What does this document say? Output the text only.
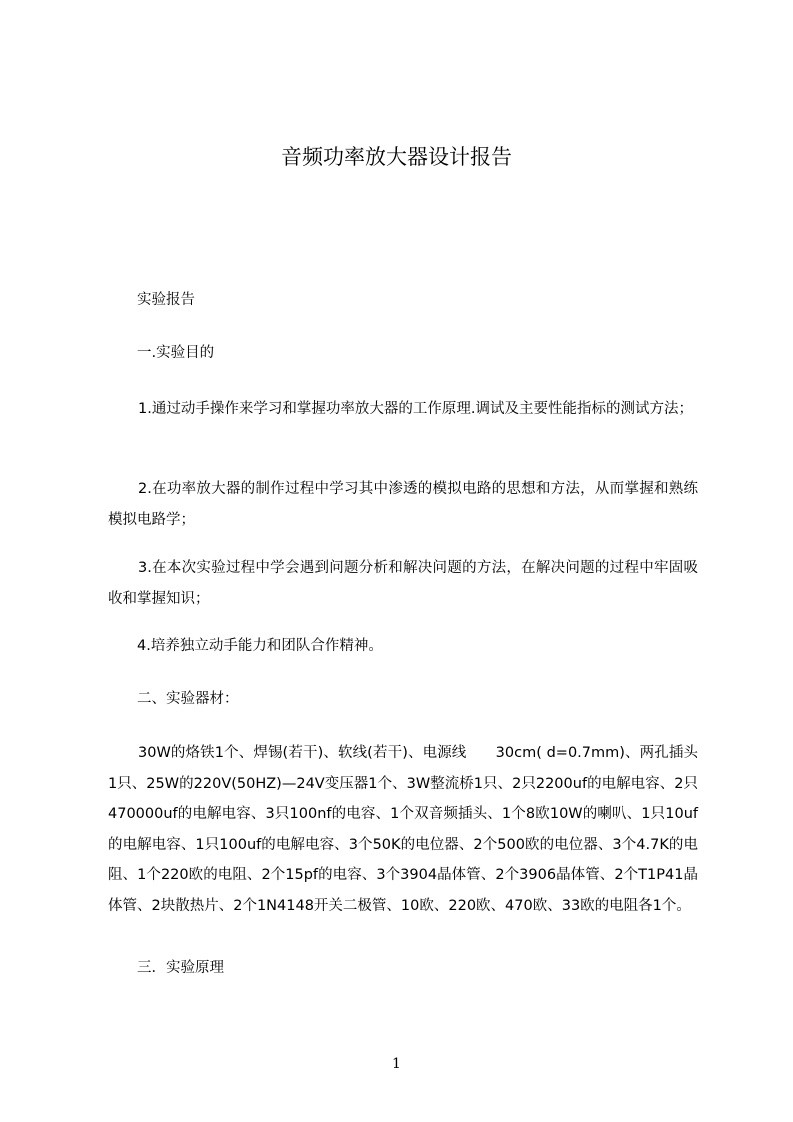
音频功率放大器设计报告

实验报告

一.实验目的

1.通过动手操作来学习和掌握功率放大器的工作原理.调试及主要性能指标的测试方法；

2.在功率放大器的制作过程中学习其中渗透的模拟电路的思想和方法，从而掌握和熟练模拟电路学；

3.在本次实验过程中学会遇到问题分析和解决问题的方法，在解决问题的过程中牢固吸收和掌握知识；

4.培养独立动手能力和团队合作精神。

二、实验器材：

30W的烙铁1个、焊锡(若干)、软线(若干)、电源线　　30cm( d=0.7mm)、两孔插头1只、25W的220V(50HZ)—24V变压器1个、3W整流桥1只、2只2200uf的电解电容、2只470000uf的电解电容、3只100nf的电容、1个双音频插头、1个8欧10W的喇叭、1只10uf的电解电容、1只100uf的电解电容、3个50K的电位器、2个500欧的电位器、3个4.7K的电阻、1个220欧的电阻、2个15pf的电容、3个3904晶体管、2个3906晶体管、2个T1P41晶体管、2块散热片、2个1N4148开关二极管、10欧、220欧、470欧、33欧的电阻各1个。

三．实验原理

1
